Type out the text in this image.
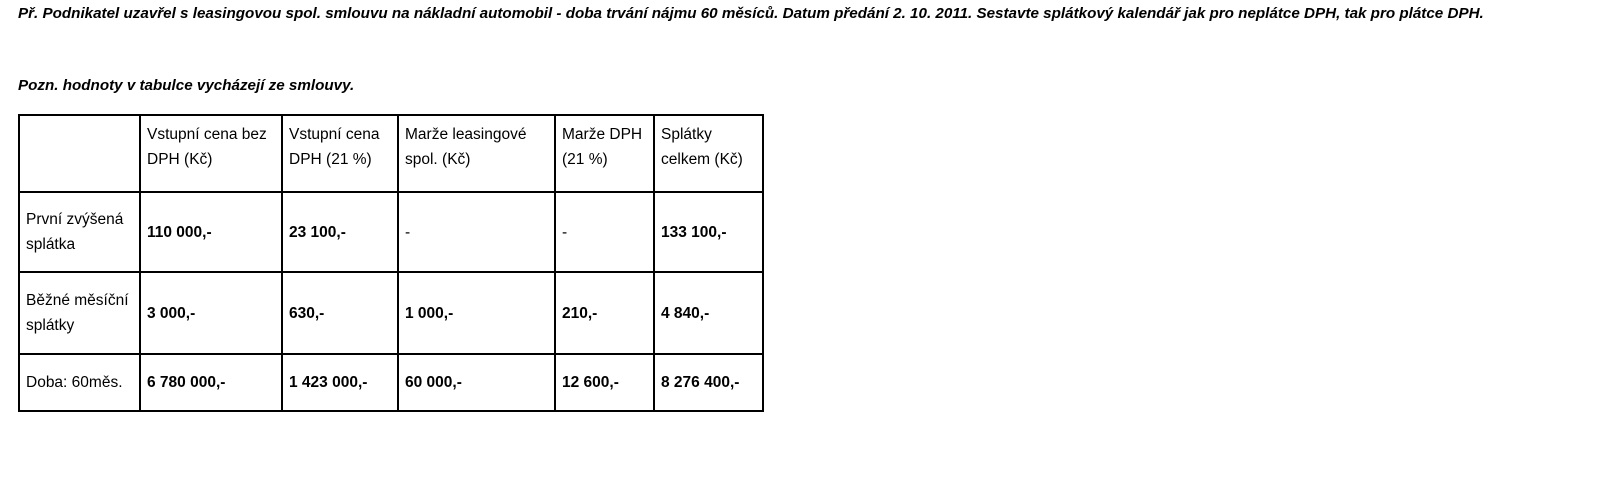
Př. Podnikatel uzavřel s leasingovou spol. smlouvu na nákladní automobil - doba trvání nájmu 60 měsíců. Datum předání 2. 10. 2011. Sestavte splátkový kalendář jak pro neplátce DPH, tak pro plátce DPH.

Pozn. hodnoty v tabulce vycházejí ze smlouvy.

	Vstupní cena bez DPH (Kč)	Vstupní cena DPH (21 %)	Marže leasingové spol. (Kč)	Marže DPH (21 %)	Splátky celkem (Kč)
První zvýšená splátka	110 000,-	23 100,-	-	-	133 100,-
Běžné měsíční splátky	3 000,-	630,-	1 000,-	210,-	4 840,-
Doba: 60měs.	6 780 000,-	1 423 000,-	60 000,-	12 600,-	8 276 400,-
